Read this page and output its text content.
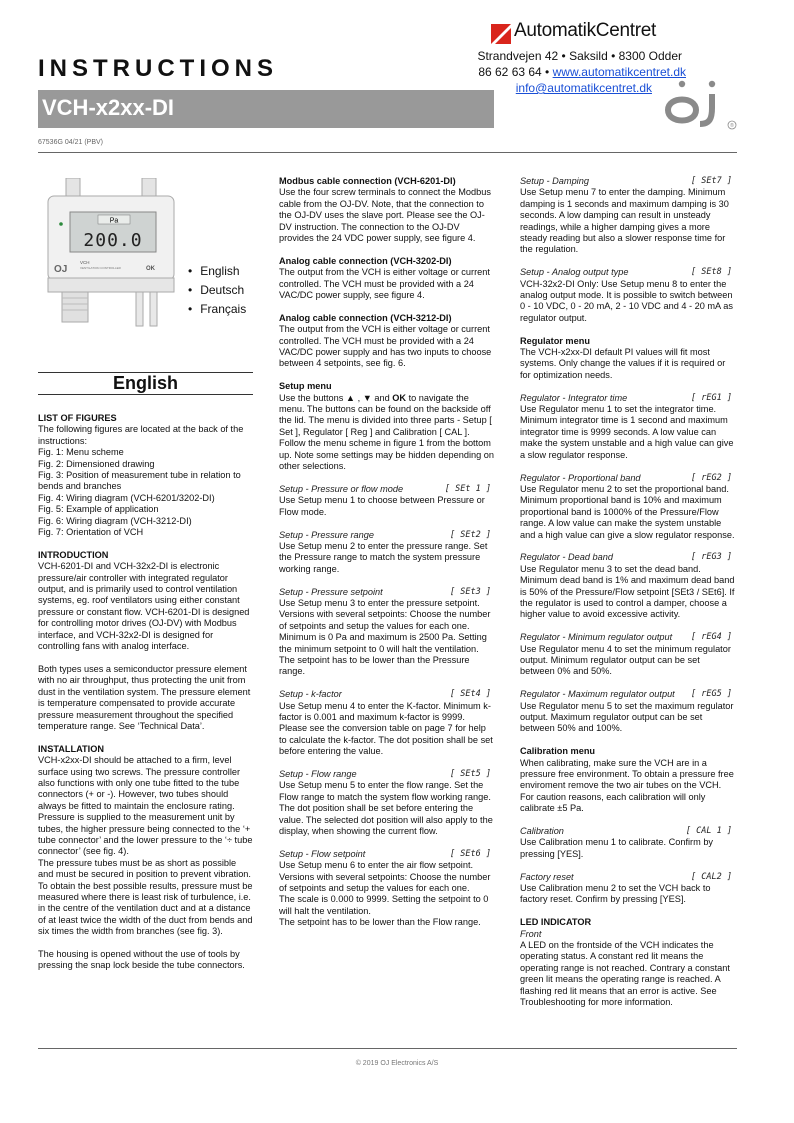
INSTRUCTIONS
VCH-x2xx-DI
67536G 04/21 (PBV)
AutomatikCentret
Strandvejen 42 • Saksild • 8300 Odder
86 62 63 64 • www.automatikcentret.dk
info@automatikcentret.dk
®
Pa
200.0
OJ
VCH
VENTILATION CONTROLLER	OK
•	English
• Deutsch
• Français
English

LIST OF FIGURES

The following figures are located at the back of the instructions:

Fig. 1: Menu scheme

Fig. 2: Dimensioned drawing

Fig. 3: Position of measurement tube in relation to bends and branches

Fig. 4: Wiring diagram (VCH-6201/3202-DI)

Fig. 5: Example of application

Fig. 6: Wiring diagram (VCH-3212-DI)

Fig. 7: Orientation of VCH

INTRODUCTION

VCH-6201-DI and VCH-32x2-DI is electronic pressure/air controller with integrated regulator output, and is primarily used to control ventilation systems, eg. roof ventilators using either constant pressure or constant flow. VCH-6201-DI is designed for controlling motor drives (OJ-DV) with Modbus interface, and VCH-32x2-DI is designed for controlling fans with analog interface.

Both types uses a semiconductor pressure element with no air throughput, thus protecting the unit from dust in the ventilation system. The pressure element is temperature compensated to provide accurate pressure measurement throughout the specified temperature range. See ‘Technical Data’.

INSTALLATION

VCH-x2xx-DI should be attached to a firm, level surface using two screws. The pressure controller also functions with only one tube fitted to the tube connectors (+ or -). However, two tubes should always be fitted to maintain the enclosure rating.

Pressure is supplied to the measurement unit by tubes, the higher pressure being connected to the ‘+ tube connector’ and the lower pressure to the ‘÷ tube connector’ (see fig. 4).

The pressure tubes must be as short as possible and must be secured in position to prevent vibration.

To obtain the best possible results, pressure must be measured where there is least risk of turbulence, i.e. in the centre of the ventilation duct and at a distance of at least twice the width of the duct from bends and six times the width from branches (see fig. 3).

The housing is opened without the use of tools by pressing the snap lock beside the tube connectors.

Modbus cable connection (VCH-6201-DI)

Use the four screw terminals to connect the Modbus cable from the OJ-DV. Note, that the connection to the OJ-DV uses the slave port. Please see the OJ-DV instruction. The connection to the OJ-DV provides the 24 VDC power supply, see figure 4.

Analog cable connection (VCH-3202-DI)

The output from the VCH is either voltage or current controlled. The VCH must be provided with a 24 VAC/DC power supply, see figure 4.

Analog cable connection (VCH-3212-DI)

The output from the VCH is either voltage or current controlled. The VCH must be provided with a 24 VAC/DC power supply and has two inputs to choose between 4 setpoints, see fig. 6.

Setup menu

Use the buttons ▲ , ▼ and OK to navigate the menu. The buttons can be found on the backside off the lid. The menu is divided into three parts - Setup [ Set ], Regulator [ Reg ] and Calibration [ CAL ]. Follow the menu scheme in figure 1 from the bottom up. Note some settings may be hidden depending on other selections.

Setup - Pressure or flow mode	[ SEt 1 ]

Use Setup menu 1 to choose between Pressure or Flow mode.

Setup - Pressure range	[ SEt2 ]

Use Setup menu 2 to enter the pressure range. Set the Pressure range to match the system pressure working range.

Setup - Pressure setpoint	[ SEt3 ]

Use Setup menu 3 to enter the pressure setpoint.

Versions with several setpoints: Choose the number of setpoints and setup the values for each one.

Minimum is 0 Pa and maximum is 2500 Pa. Setting the minimum setpoint to 0 will halt the ventilation.

The setpoint has to be lower than the Pressure range.

Setup - k-factor	[ SEt4 ]

Use Setup menu 4 to enter the K-factor. Minimum k-factor is 0.001 and maximum k-factor is 9999. Please see the conversion table on page 7 for help to calculate the k-factor. The dot position shall be set before entering the value.

Setup - Flow range	[ SEt5 ]

Use Setup menu 5 to enter the flow range. Set the Flow range to match the system flow working range. The dot position shall be set before entering the value. The selected dot position will also apply to the display, when showing the current flow.

Setup - Flow setpoint	[ SEt6 ]

Use Setup menu 6 to enter the air flow setpoint.

Versions with several setpoints: Choose the number of setpoints and setup the values for each one.

The scale is 0.000 to 9999. Setting the setpoint to 0 will halt the ventilation.

The setpoint has to be lower than the Flow range.

Setup - Damping	[ SEt7 ]

Use Setup menu 7 to enter the damping. Minimum damping is 1 seconds and maximum damping is 30 seconds. A low damping can result in unsteady readings, while a higher damping gives a more steady reading but also a slower response time for the regulation.

Setup - Analog output type	[ SEt8 ]

VCH-32x2-DI Only: Use Setup menu 8 to enter the analog output mode. It is possible to switch between 0 - 10 VDC, 0 - 20 mA, 2 - 10 VDC and 4 - 20 mA as regulator output.

Regulator menu

The VCH-x2xx-DI default PI values will fit most systems. Only change the values if it is required or for optimization needs.

Regulator - Integrator time	[ rEG1 ]

Use Regulator menu 1 to set the integrator time. Minimum integrator time is 1 second and maximum integrator time is 9999 seconds. A low value can make the system unstable and a high value can give a slow regulator response.

Regulator - Proportional band	[ rEG2 ]

Use Regulator menu 2 to set the proportional band. Minimum proportional band is 10% and maximum proportional band is 1000% of the Pressure/Flow range. A low value can make the system unstable and a high value can give a slow regulator response.

Regulator - Dead band	[ rEG3 ]

Use Regulator menu 3 to set the dead band. Minimum dead band is 1% and maximum dead band is 50% of the Pressure/Flow setpoint [SEt3 / SEt6]. If the regulator is used to control a damper, choose a higher value to avoid excessive activity.

Regulator - Minimum regulator output [ rEG4 ]

Use Regulator menu 4 to set the minimum regulator output. Minimum regulator output can be set between 0% and 50%.

Regulator - Maximum regulator output [ rEG5 ]

Use Regulator menu 5 to set the maximum regulator output. Maximum regulator output can be set between 50% and 100%.

Calibration menu

When calibrating, make sure the VCH are in a pressure free environment. To obtain a pressure free enviroment remove the two air tubes on the VCH. For caution reasons, each calibration will only calibrate ±5 Pa.

Calibration	[ CAL 1 ]

Use Calibration menu 1 to calibrate. Confirm by pressing [YES].

Factory reset	[ CAL2 ]

Use Calibration menu 2 to set the VCH back to factory reset. Confirm by pressing [YES].

LED INDICATOR

Front

A LED on the frontside of the VCH indicates the operating status. A constant red lit means the operating range is not reached. Contrary a constant green lit means the operating range is reached. A flashing red lit means that an error is active. See Troubleshooting for more information.

© 2019 OJ Electronics A/S
